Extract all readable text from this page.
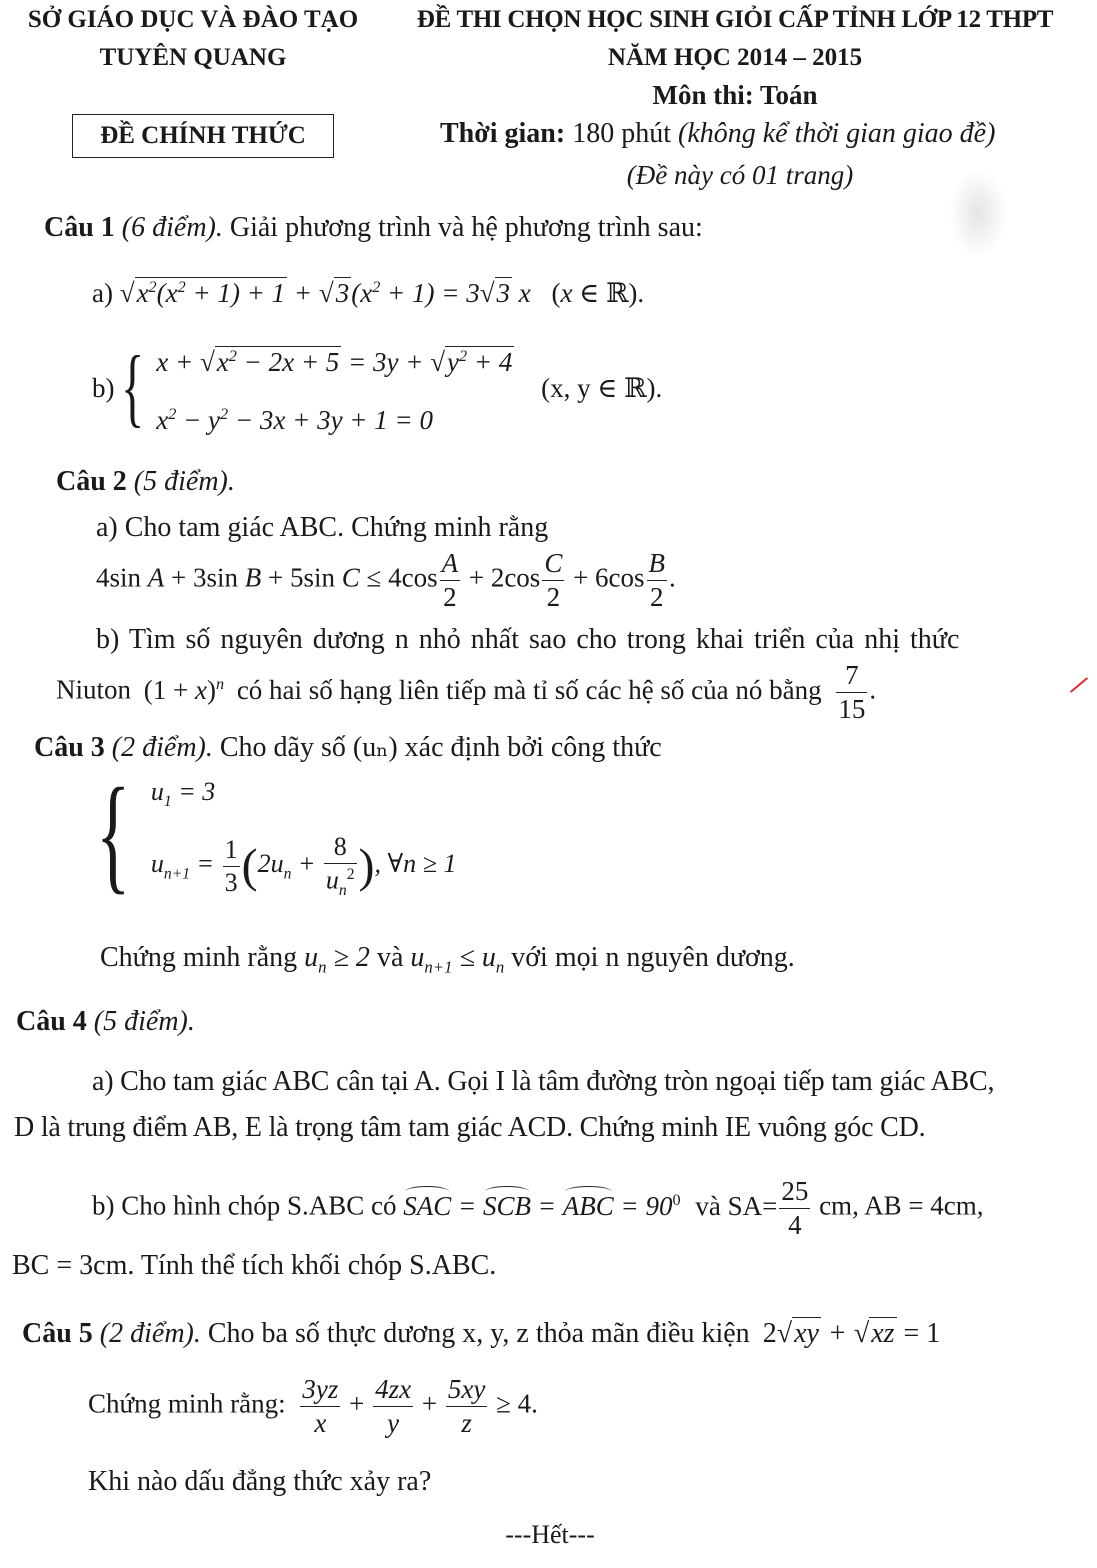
SỞ GIÁO DỤC VÀ ĐÀO TẠO
TUYÊN QUANG
ĐỀ THI CHỌN HỌC SINH GIỎI CẤP TỈNH LỚP 12 THPT
NĂM HỌC 2014 – 2015
Môn thi: Toán
ĐỀ CHÍNH THỨC	Thời gian: 180 phút (không kể thời gian giao đề)
(Đề này có 01 trang)
Câu 1 (6 điểm). Giải phương trình và hệ phương trình sau:
a) $√x^2(x^2 + 1) + 1 + √3(x^2 + 1) = 3√3$ x (x ∈ ℝ).
b) { $x + √x^2 - 2x + 5 = 3y + √y^2 + 4$
$x^2 - y^2 - 3x + 3y + 1 = 0$
(x, y ∈ ℝ).
Câu 2 (5 điểm).
a) Cho tam giác ABC. Chứng minh rằng
4sin A + 3sin B + 5sin $C \le 4\cos \frac{A}{2} + 2\cos \frac{C}{2} + 6\cos \frac{B}{2}$ .
b) Tìm số nguyên dương n nhỏ nhất sao cho trong khai triển của nhị thức
Niuton $(1 + x)^n$ có hai số hạng liên tiếp mà tỉ số các hệ số của nó bằng $\frac{7}{15}$ .
Câu 3 (2 điểm). Cho dãy số (uₙ) xác định bởi công thức
{ $u_1 = 3$
$u_{n+1} = \frac{1}{3} (2u_n + \frac{8}{u_n^2}$ ), ∀n ≥ 1
Chứng minh rằng $u_n \ge 2$ và $u_{n+1} \le u_n$ với mọi n nguyên dương.
Câu 4 (5 điểm).
a) Cho tam giác ABC cân tại A. Gọi I là tâm đường tròn ngoại tiếp tam giác ABC,
D là trung điểm AB, E là trọng tâm tam giác ACD. Chứng minh IE vuông góc CD.
b) Cho hình chóp S.ABC có SAC = SCB = ABC = $90^0$ và $SA= \frac{25}{4}$ cm, AB = 4cm,
BC = 3cm. Tính thể tích khối chóp S.ABC.
Câu 5 (2 điểm). Cho ba số thực dương x, y, z thỏa mãn điều kiện 2√xy + √xz = 1
Chứng minh rằng: $\frac{3yz}{x} + \frac{4zx}{y} + \frac{5xy}{z} \ge 4$.
Khi nào dấu đẳng thức xảy ra?
---Hết---
